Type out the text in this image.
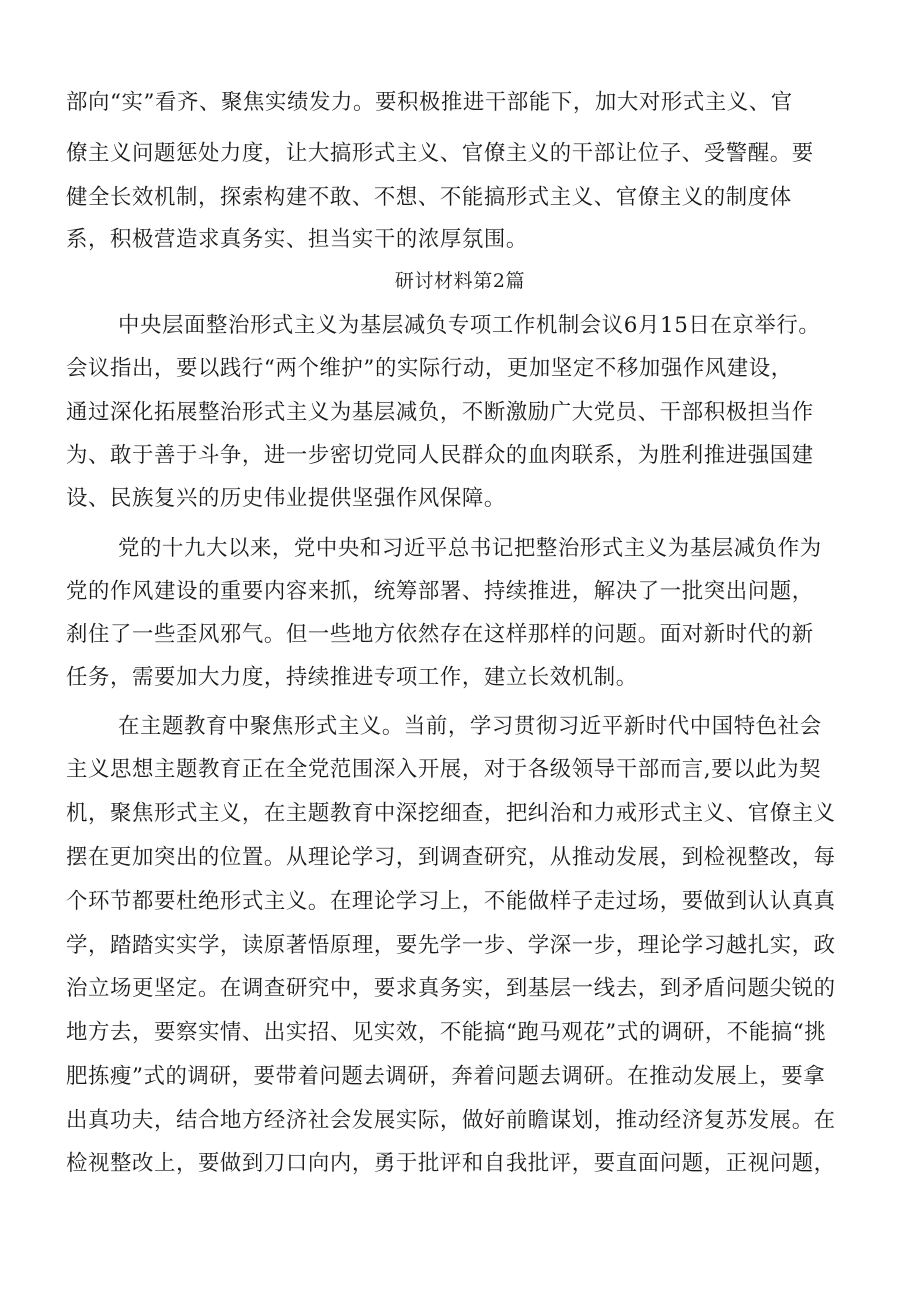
部向“实”看齐、聚焦实绩发力。要积极推进干部能下，加大对形式主义、官
僚主义问题惩处力度，让大搞形式主义、官僚主义的干部让位子、受警醒。要
健全长效机制，探索构建不敢、不想、不能搞形式主义、官僚主义的制度体
系，积极营造求真务实、担当实干的浓厚氛围。
研讨材料第2篇
中央层面整治形式主义为基层减负专项工作机制会议6月15日在京举行。
会议指出，要以践行“两个维护”的实际行动，更加坚定不移加强作风建设，
通过深化拓展整治形式主义为基层减负，不断激励广大党员、干部积极担当作
为、敢于善于斗争，进一步密切党同人民群众的血肉联系，为胜利推进强国建
设、民族复兴的历史伟业提供坚强作风保障。
党的十九大以来，党中央和习近平总书记把整治形式主义为基层减负作为
党的作风建设的重要内容来抓，统筹部署、持续推进，解决了一批突出问题，
刹住了一些歪风邪气。但一些地方依然存在这样那样的问题。面对新时代的新
任务，需要加大力度，持续推进专项工作，建立长效机制。
在主题教育中聚焦形式主义。当前，学习贯彻习近平新时代中国特色社会
主义思想主题教育正在全党范围深入开展，对于各级领导干部而言,要以此为契
机，聚焦形式主义，在主题教育中深挖细查，把纠治和力戒形式主义、官僚主义
摆在更加突出的位置。从理论学习，到调查研究，从推动发展，到检视整改，每
个环节都要杜绝形式主义。在理论学习上，不能做样子走过场，要做到认认真真
学，踏踏实实学，读原著悟原理，要先学一步、学深一步，理论学习越扎实，政
治立场更坚定。在调查研究中，要求真务实，到基层一线去，到矛盾问题尖锐的
地方去，要察实情、出实招、见实效，不能搞“跑马观花”式的调研，不能搞“挑
肥拣瘦”式的调研，要带着问题去调研，奔着问题去调研。在推动发展上，要拿
出真功夫，结合地方经济社会发展实际，做好前瞻谋划，推动经济复苏发展。在
检视整改上，要做到刀口向内，勇于批评和自我批评，要直面问题，正视问题，
